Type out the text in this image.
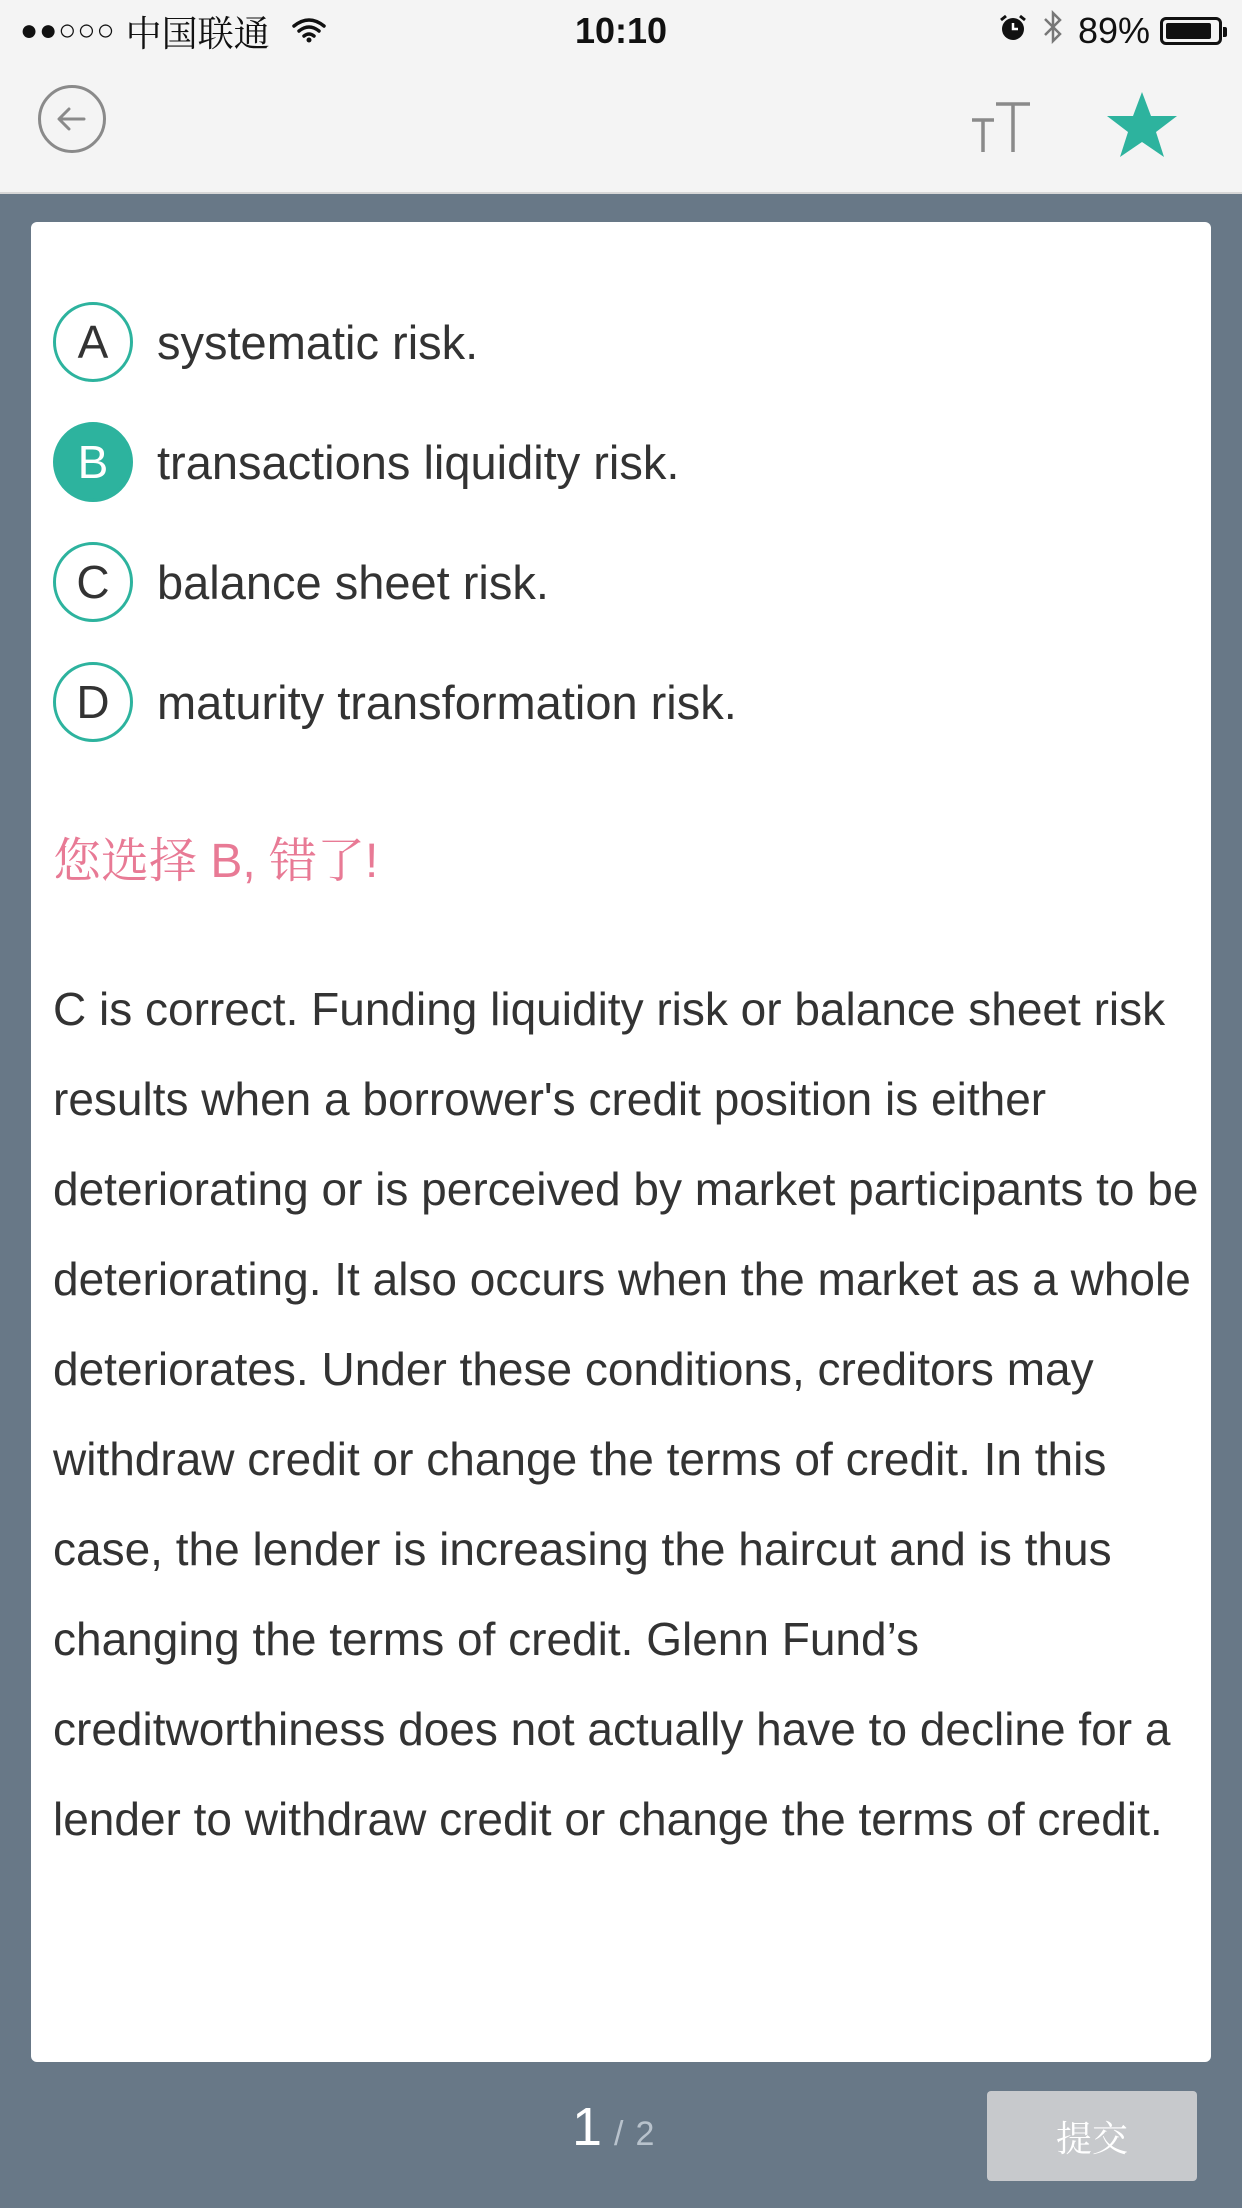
●●○○○ 中国联通	10:10	89%
A	systematic risk.
B	transactions liquidity risk.
C	balance sheet risk.
D	maturity transformation risk.
您选择 B, 错了!
C is correct. Funding liquidity risk or balance sheet risk results when a borrower's credit position is either deteriorating or is perceived by market participants to be deteriorating. It also occurs when the market as a whole deteriorates. Under these conditions, creditors may withdraw credit or change the terms of credit. In this case, the lender is increasing the haircut and is thus changing the terms of credit. Glenn Fund’s creditworthiness does not actually have to decline for a lender to withdraw credit or change the terms of credit.
1 / 2	提交
